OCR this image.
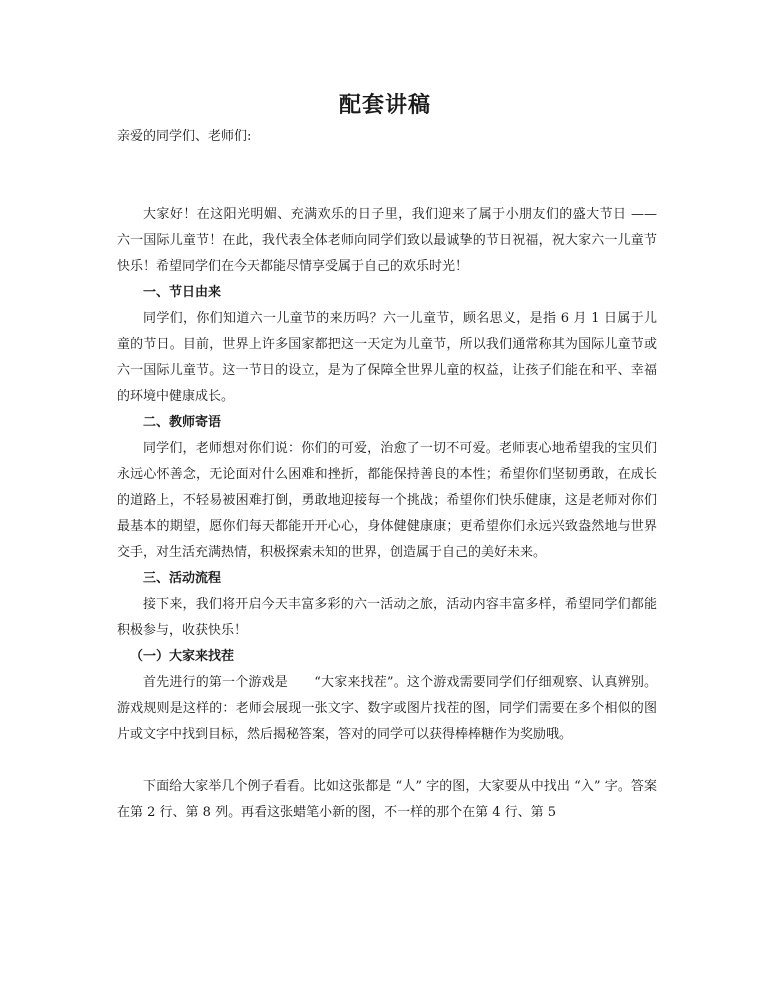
配套讲稿

亲爱的同学们、老师们:

大家好！在这阳光明媚、充满欢乐的日子里，我们迎来了属于小朋友们的盛大节日 —— 六一国际儿童节！在此，我代表全体老师向同学们致以最诚挚的节日祝福，祝大家六一儿童节快乐！希望同学们在今天都能尽情享受属于自己的欢乐时光！

一、节日由来

同学们，你们知道六一儿童节的来历吗？六一儿童节，顾名思义，是指 6 月 1 日属于儿童的节日。目前，世界上许多国家都把这一天定为儿童节，所以我们通常称其为国际儿童节或六一国际儿童节。这一节日的设立，是为了保障全世界儿童的权益，让孩子们能在和平、幸福的环境中健康成长。

二、教师寄语

同学们，老师想对你们说：你们的可爱，治愈了一切不可爱。老师衷心地希望我的宝贝们永远心怀善念，无论面对什么困难和挫折，都能保持善良的本性；希望你们坚韧勇敢，在成长的道路上，不轻易被困难打倒，勇敢地迎接每一个挑战；希望你们快乐健康，这是老师对你们最基本的期望，愿你们每天都能开开心心，身体健健康康；更希望你们永远兴致盎然地与世界交手，对生活充满热情，积极探索未知的世界，创造属于自己的美好未来。

三、活动流程

接下来，我们将开启今天丰富多彩的六一活动之旅，活动内容丰富多样，希望同学们都能积极参与，收获快乐！

（一）大家来找茬

首先进行的第一个游戏是　　“大家来找茬”。这个游戏需要同学们仔细观察、认真辨别。游戏规则是这样的：老师会展现一张文字、数字或图片找茬的图，同学们需要在多个相似的图片或文字中找到目标，然后揭秘答案，答对的同学可以获得棒棒糖作为奖励哦。

下面给大家举几个例子看看。比如这张都是 “人” 字的图，大家要从中找出 “入” 字。答案在第 2 行、第 8 列。再看这张蜡笔小新的图，不一样的那个在第 4 行、第 5
